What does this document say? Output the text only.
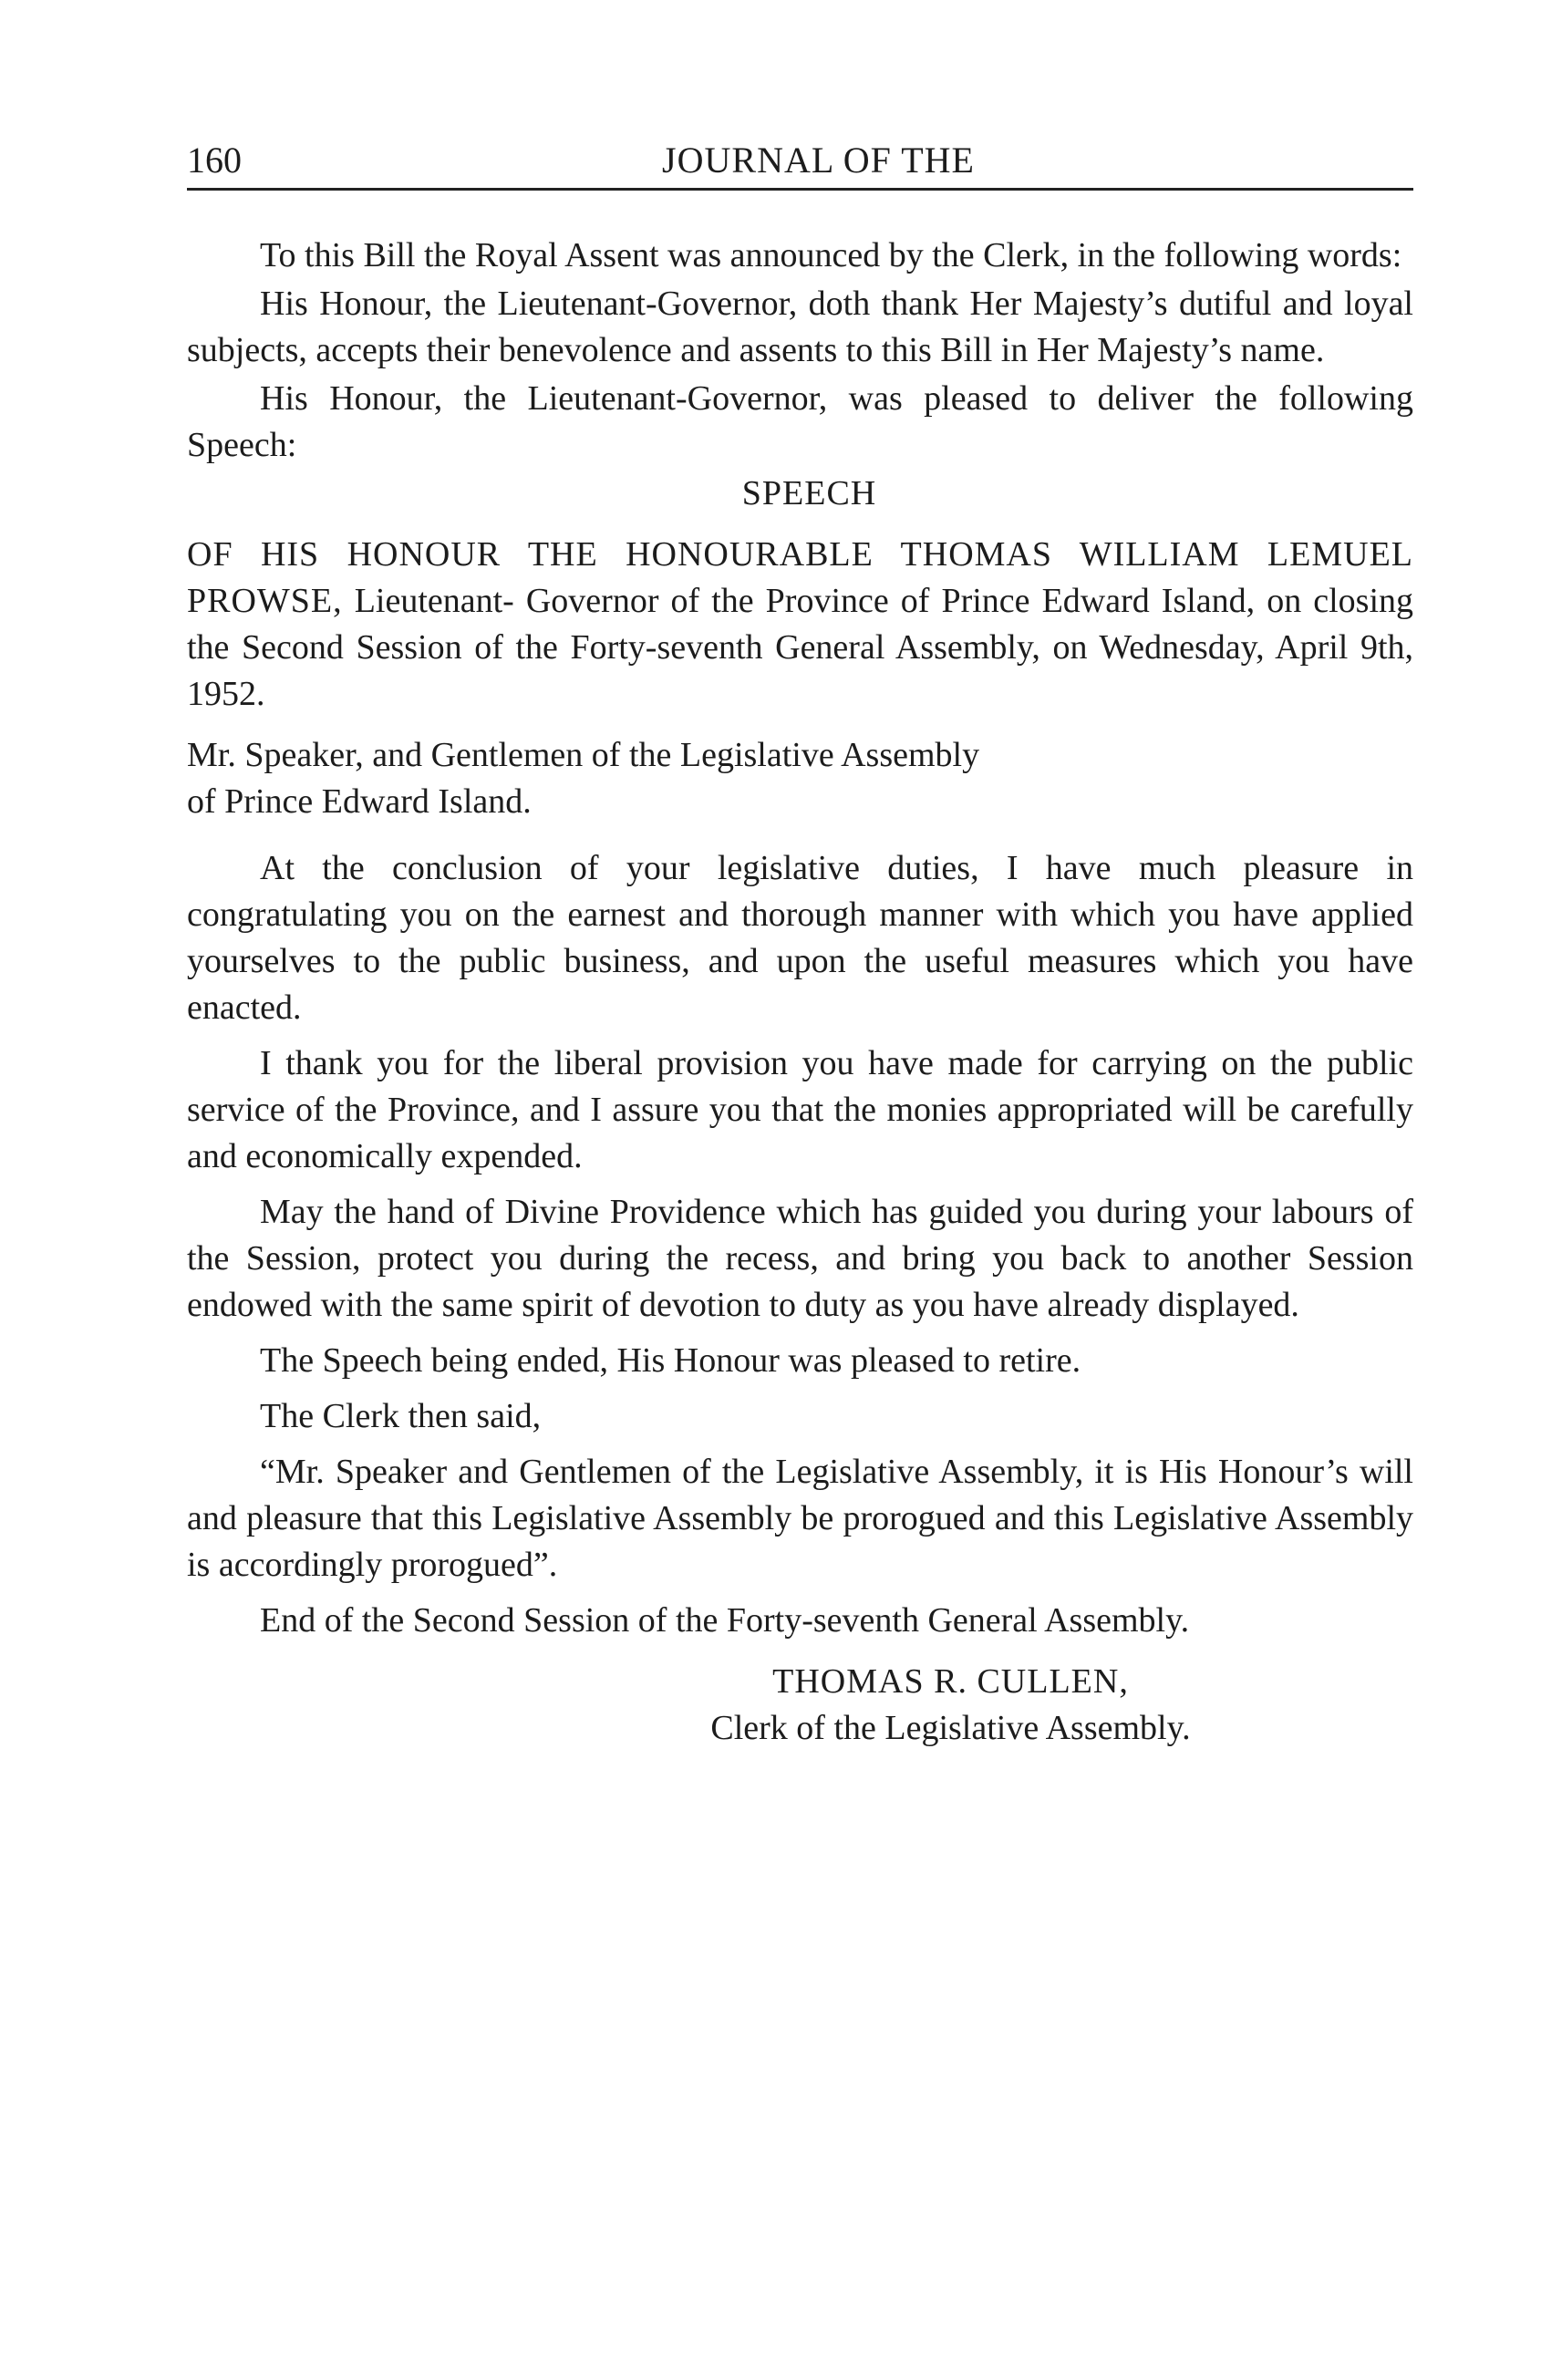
160	JOURNAL OF THE

To this Bill the Royal Assent was announced by the Clerk, in the following words:

His Honour, the Lieutenant-Governor, doth thank Her Majesty’s dutiful and loyal subjects, accepts their benevolence and assents to this Bill in Her Majesty’s name.

His Honour, the Lieutenant-Governor, was pleased to deliver the following Speech:

SPEECH

OF HIS HONOUR THE HONOURABLE THOMAS WILLIAM LEMUEL PROWSE, Lieutenant- Governor of the Province of Prince Edward Island, on closing the Second Session of the Forty-seventh General Assembly, on Wednesday, April 9th, 1952.

Mr. Speaker, and Gentlemen of the Legislative Assembly
of Prince Edward Island.

At the conclusion of your legislative duties, I have much pleasure in congratulating you on the earnest and thorough manner with which you have applied yourselves to the public business, and upon the useful measures which you have enacted.

I thank you for the liberal provision you have made for carrying on the public service of the Province, and I assure you that the monies appropriated will be carefully and economically expended.

May the hand of Divine Providence which has guided you during your labours of the Session, protect you during the recess, and bring you back to another Session endowed with the same spirit of devotion to duty as you have already displayed.

The Speech being ended, His Honour was pleased to retire.

The Clerk then said,

“Mr. Speaker and Gentlemen of the Legislative Assembly, it is His Honour’s will and pleasure that this Legislative Assembly be prorogued and this Legislative Assembly is accordingly prorogued”.

End of the Second Session of the Forty-seventh General Assembly.

THOMAS R. CULLEN,
Clerk of the Legislative Assembly.
